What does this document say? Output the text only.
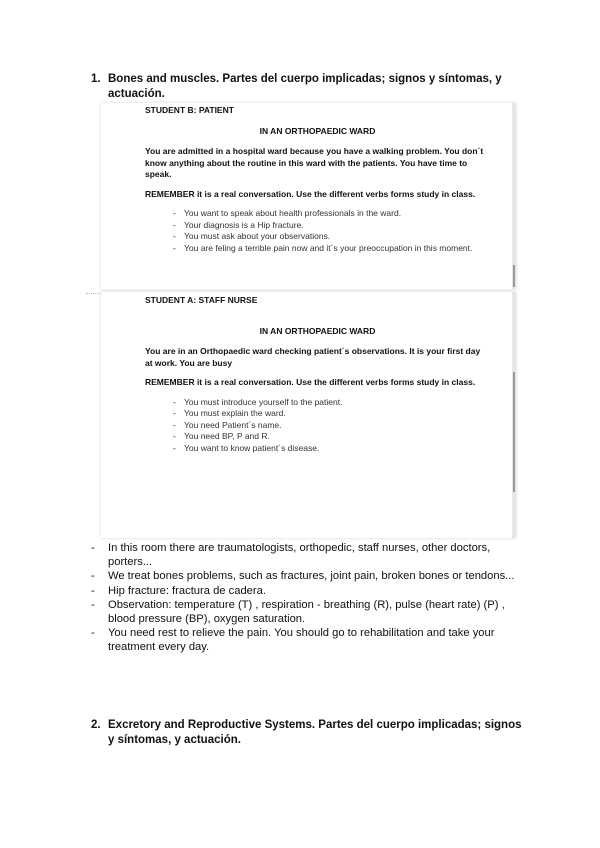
1. Bones and muscles. Partes del cuerpo implicadas; signos y síntomas, y actuación.

STUDENT B: PATIENT

IN AN ORTHOPAEDIC WARD

You are admitted in a hospital ward because you have a walking problem. You don´t know anything about the routine in this ward with the patients. You have time to speak.

REMEMBER it is a real conversation. Use the different verbs forms study in class.

- You want to speak about health professionals in the ward.
- Your diagnosis is a Hip fracture.
- You must ask about your observations.
- You are feling a terrible pain now and it´s your preoccupation in this moment.

STUDENT A: STAFF NURSE

IN AN ORTHOPAEDIC WARD

You are in an Orthopaedic ward checking patient´s observations. It is your first day at work. You are busy

REMEMBER it is a real conversation. Use the different verbs forms study in class.

- You must introduce yourself to the patient.
- You must explain the ward.
- You need Patient´s name.
- You need BP, P and R.
- You want to know patient´s disease.
- In this room there are traumatologists, orthopedic, staff nurses, other doctors, porters...
- We treat bones problems, such as fractures, joint pain, broken bones or tendons...
- Hip fracture: fractura de cadera.
- Observation: temperature (T) , respiration - breathing (R), pulse (heart rate) (P) , blood pressure (BP), oxygen saturation.
- You need rest to relieve the pain. You should go to rehabilitation and take your treatment every day.
2. Excretory and Reproductive Systems. Partes del cuerpo implicadas; signos y síntomas, y actuación.
